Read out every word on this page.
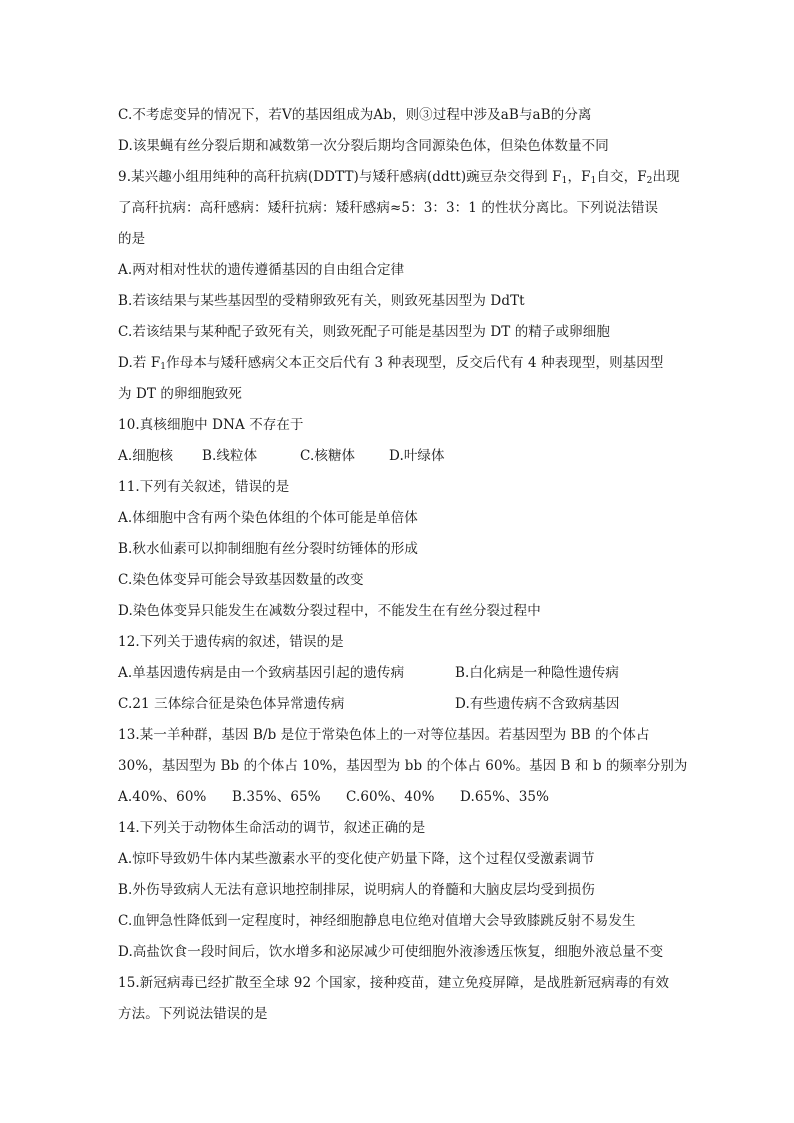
C.不考虑变异的情况下，若V的基因组成为Ab，则③过程中涉及aB与aB的分离
D.该果蝇有丝分裂后期和减数第一次分裂后期均含同源染色体，但染色体数量不同
9.某兴趣小组用纯种的高秆抗病(DDTT)与矮秆感病(ddtt)豌豆杂交得到 $F_1$，$F_1$自交，$F_2$出现
了高秆抗病：高秆感病：矮秆抗病：矮秆感病≈5：3：3：1 的性状分离比。下列说法错误
的是
A.两对相对性状的遗传遵循基因的自由组合定律
B.若该结果与某些基因型的受精卵致死有关，则致死基因型为 DdTt
C.若该结果与某种配子致死有关，则致死配子可能是基因型为 DT 的精子或卵细胞
D.若 $F_1$作母本与矮秆感病父本正交后代有 3 种表现型，反交后代有 4 种表现型，则基因型
为 DT 的卵细胞致死
10.真核细胞中 DNA 不存在于
A.细胞核 B.线粒体	C.核糖体	D.叶绿体
11.下列有关叙述，错误的是
A.体细胞中含有两个染色体组的个体可能是单倍体
B.秋水仙素可以抑制细胞有丝分裂时纺锤体的形成
C.染色体变异可能会导致基因数量的改变
D.染色体变异只能发生在减数分裂过程中，不能发生在有丝分裂过程中
12.下列关于遗传病的叙述，错误的是
A.单基因遗传病是由一个致病基因引起的遗传病	B.白化病是一种隐性遗传病
C.21 三体综合征是染色体异常遗传病	D.有些遗传病不含致病基因
13.某一羊种群，基因 B/b 是位于常染色体上的一对等位基因。若基因型为 BB 的个体占
30%，基因型为 Bb 的个体占 10%，基因型为 bb 的个体占 60%。基因 B 和 b 的频率分别为
A.40%、60% B.35%、65% C.60%、40% D.65%、35%
14.下列关于动物体生命活动的调节，叙述正确的是
A.惊吓导致奶牛体内某些激素水平的变化使产奶量下降，这个过程仅受激素调节
B.外伤导致病人无法有意识地控制排尿，说明病人的脊髓和大脑皮层均受到损伤
C.血钾急性降低到一定程度时，神经细胞静息电位绝对值增大会导致膝跳反射不易发生
D.高盐饮食一段时间后，饮水增多和泌尿减少可使细胞外液渗透压恢复，细胞外液总量不变
15.新冠病毒已经扩散至全球 92 个国家，接种疫苗，建立免疫屏障，是战胜新冠病毒的有效
方法。下列说法错误的是
